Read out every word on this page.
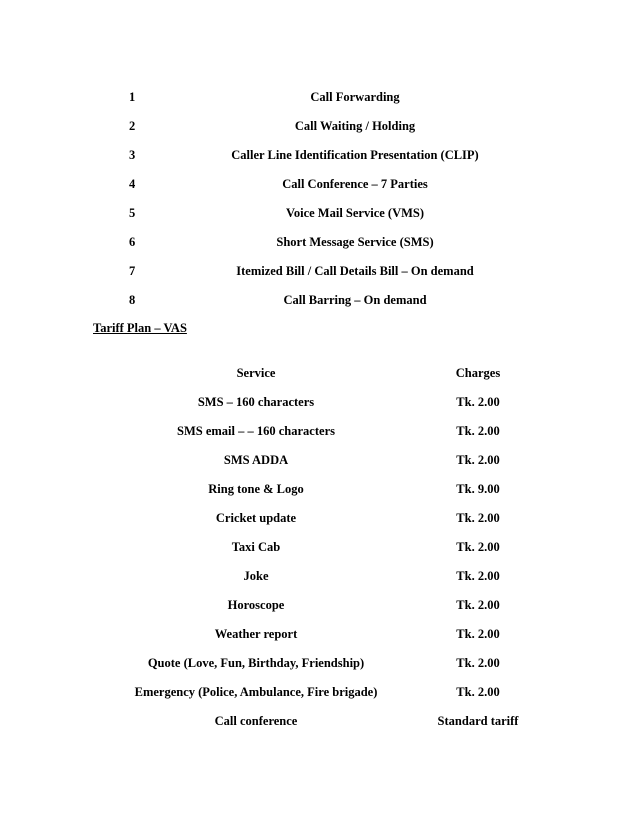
1	Call Forwarding
2	Call Waiting / Holding
3	Caller Line Identification Presentation (CLIP)
4	Call Conference – 7 Parties
5	Voice Mail Service (VMS)
6	Short Message Service (SMS)
7	Itemized Bill / Call Details Bill – On demand
8	Call Barring – On demand
Tariff Plan – VAS
Service	Charges
SMS – 160 characters	Tk. 2.00
SMS email – – 160 characters	Tk. 2.00
SMS ADDA	Tk. 2.00
Ring tone & Logo	Tk. 9.00
Cricket update	Tk. 2.00
Taxi Cab	Tk. 2.00
Joke	Tk. 2.00
Horoscope	Tk. 2.00
Weather report	Tk. 2.00
Quote (Love, Fun, Birthday, Friendship)	Tk. 2.00
Emergency (Police, Ambulance, Fire brigade)	Tk. 2.00
Call conference	Standard tariff
